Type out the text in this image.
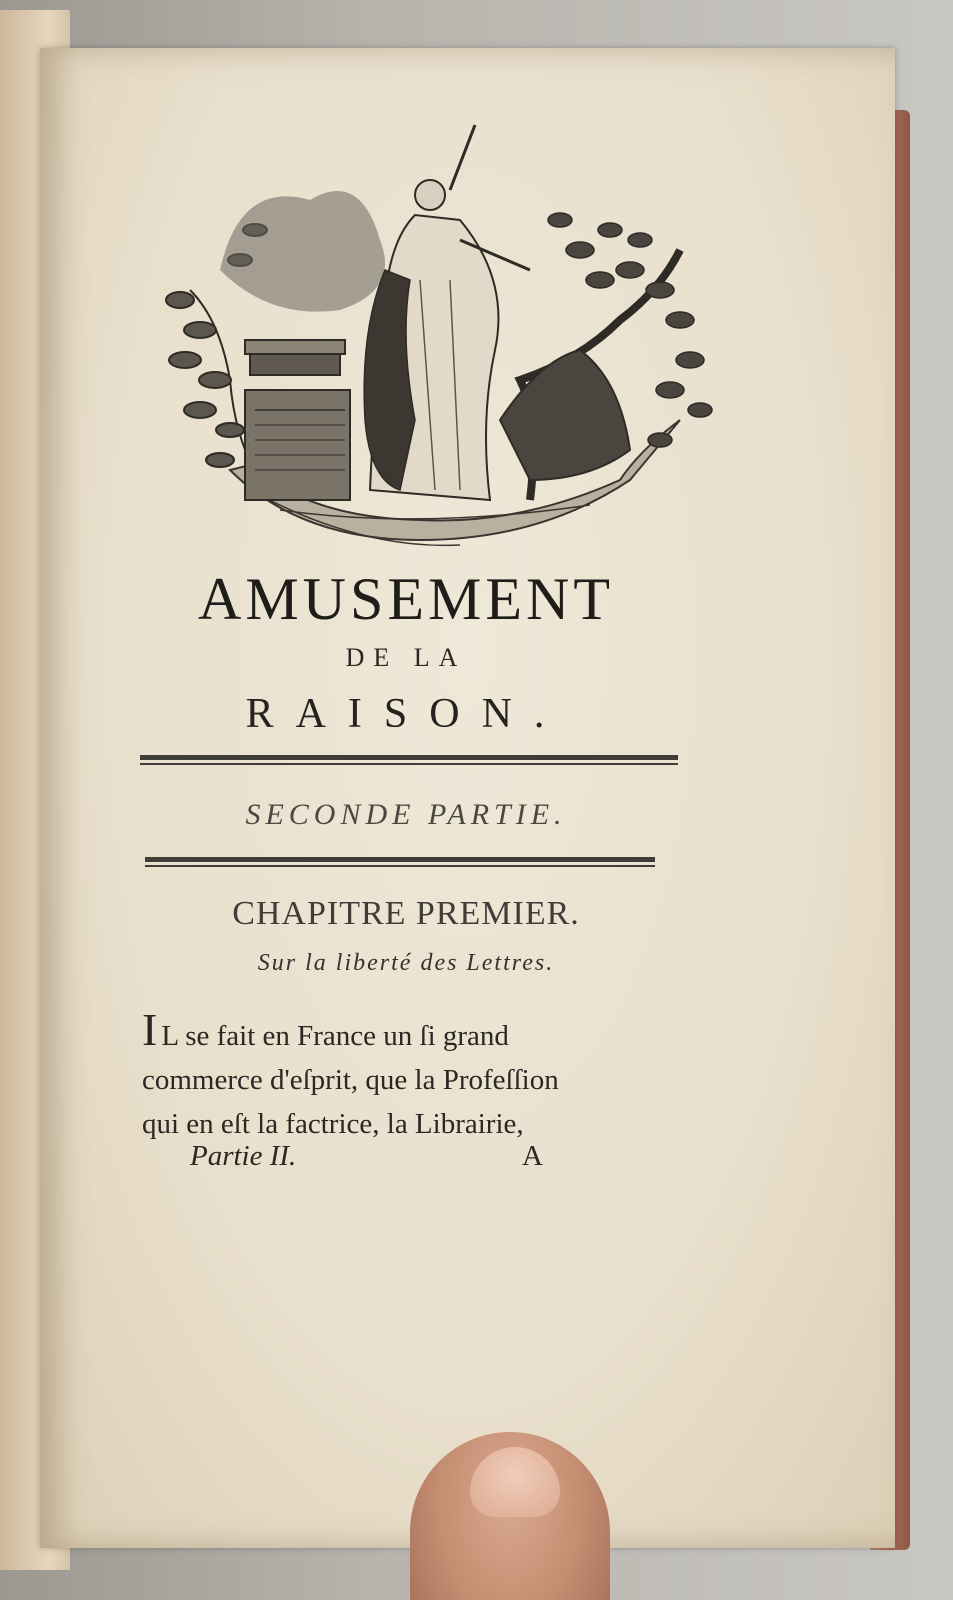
AMUSEMENT
DE LA
RAISON.
SECONDE PARTIE.
CHAPITRE PREMIER.
Sur la liberté des Lettres.
I L se fait en France un ſi grand
commerce d'eſprit, que la Profeſſion
qui en eſt la factrice, la Librairie,
Partie II.	A
